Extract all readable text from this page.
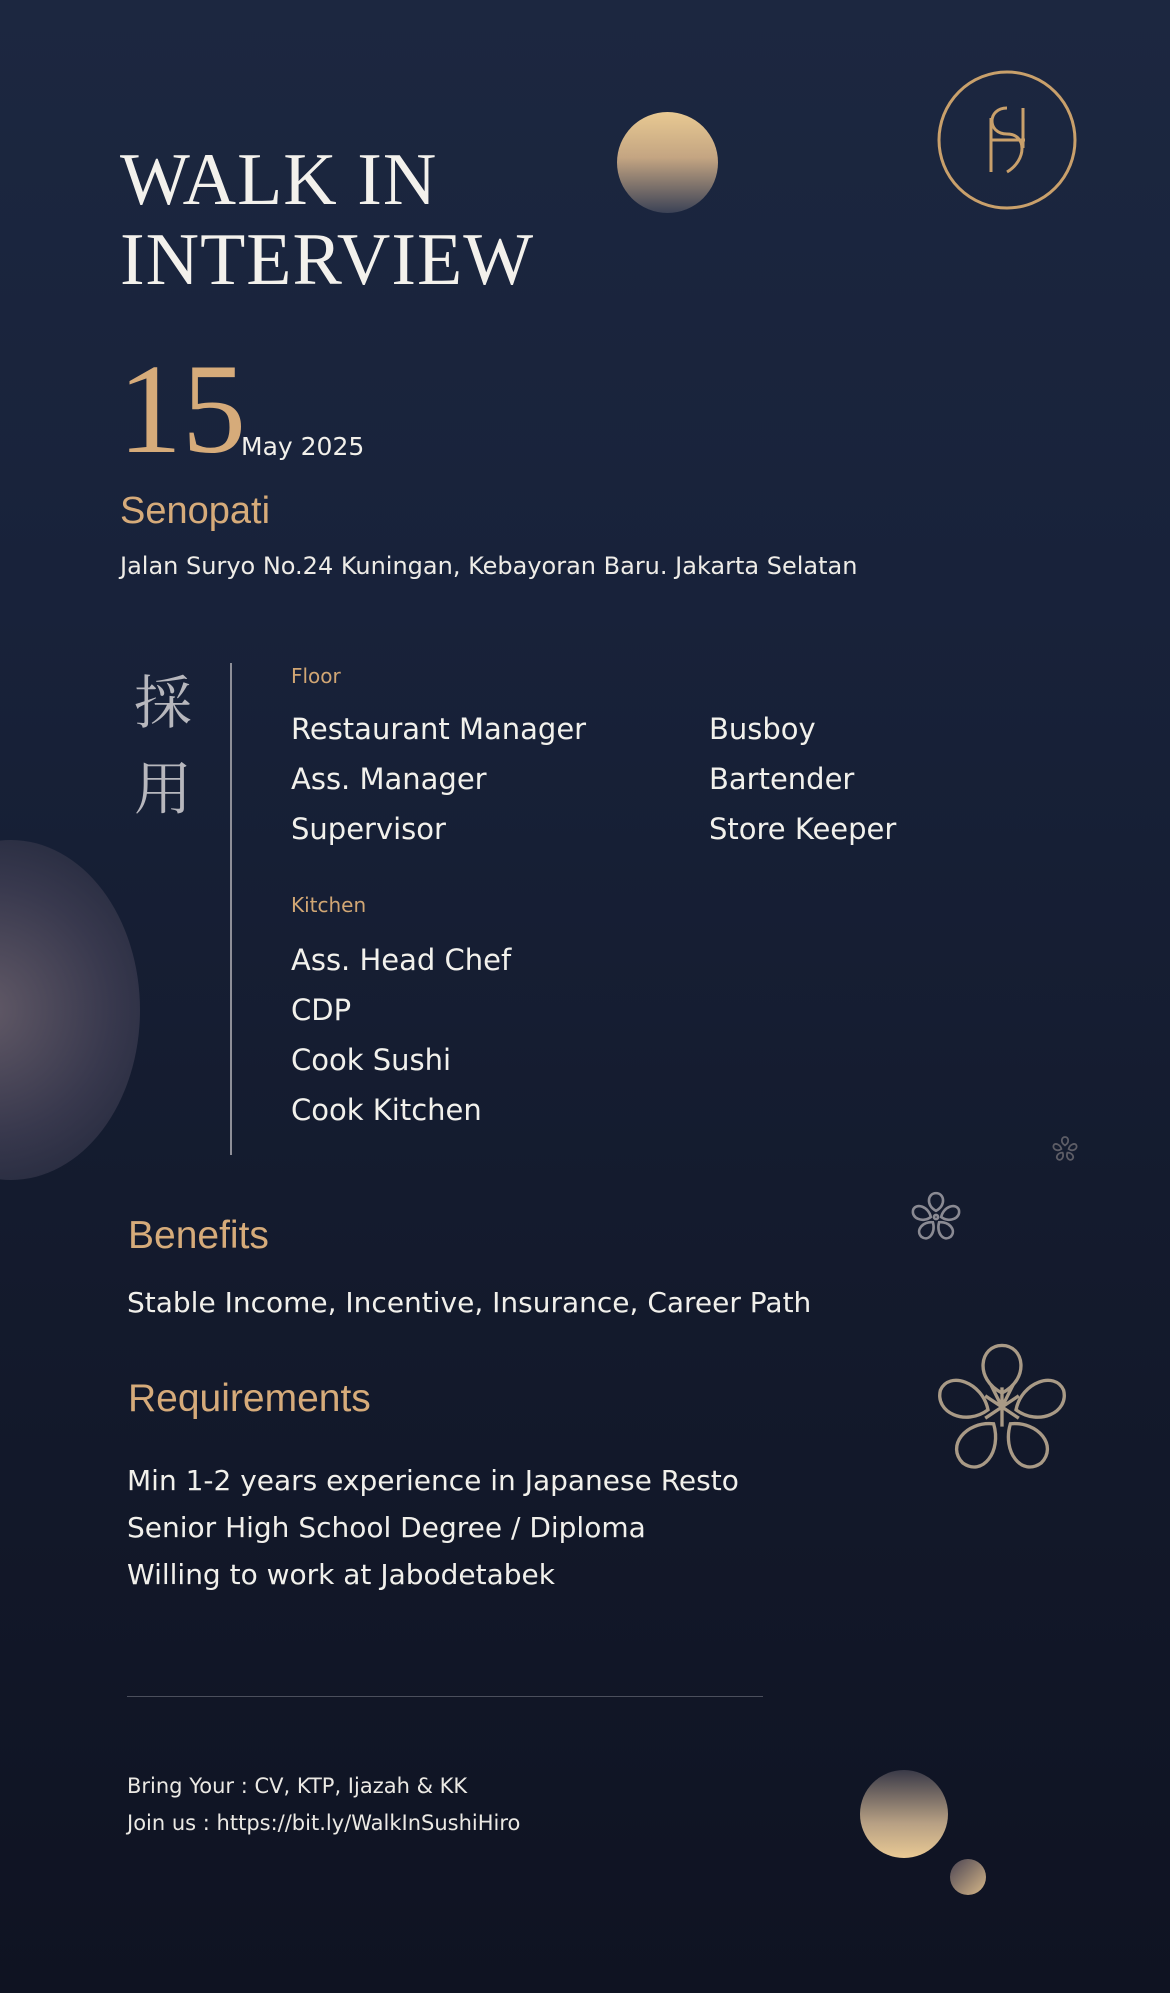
WALK IN
INTERVIEW
15
May 2025
Senopati
Jalan Suryo No.24 Kuningan, Kebayoran Baru. Jakarta Selatan
採
用
Floor
Restaurant Manager
Ass. Manager
Supervisor
Busboy
Bartender
Store Keeper
Kitchen
Ass. Head Chef
CDP
Cook Sushi
Cook Kitchen
Benefits
Stable Income, Incentive, Insurance, Career Path
Requirements
Min 1-2 years experience in Japanese Resto
Senior High School Degree / Diploma
Willing to work at Jabodetabek
Bring Your : CV, KTP, Ijazah & KK
Join us : https://bit.ly/WalkInSushiHiro
